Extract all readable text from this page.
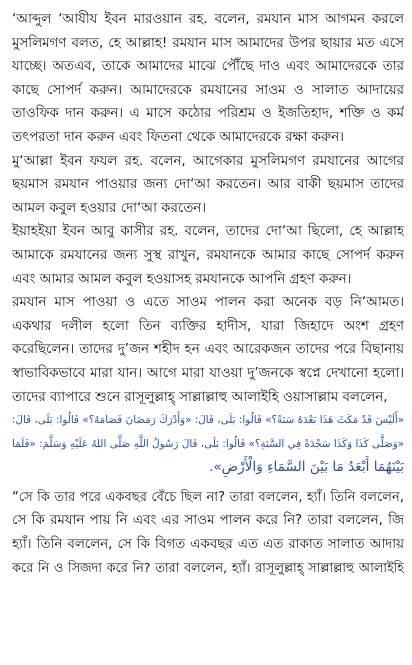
‘আব্দুল ‘আযীয ইবন মারওয়ান রহ. বলেন, রমযান মাস আগমন করলে
মুসলিমগণ বলত, হে আল্লাহ! রমযান মাস আমাদের উপর ছায়ার মত এসে
যাচ্ছে। অতএব, তাকে আমাদের মাঝে পৌঁছে দাও এবং আমাদেরকে তার
কাছে সোপর্দ করুন। আমাদেরকে রমযানের সাওম ও সালাত আদায়ের
তাওফিক দান করুন। এ মাসে কঠোর পরিশ্রম ও ইজতিহাদ, শক্তি ও কর্ম
তৎপরতা দান করুন এবং ফিতনা থেকে আমাদেরকে রক্ষা করুন।
মু‘আল্লা ইবন ফযল রহ. বলেন, আগেকার মুসলিমগণ রমযানের আগের
ছয়মাস রমযান পাওয়ার জন্য দো‘আ করতেন। আর বাকী ছয়মাস তাদের
আমল কবুল হওয়ার দো‘আ করতেন।
ইয়াহইয়া ইবন আবু কাসীর রহ. বলেন, তাদের দো‘আ ছিলো, হে আল্লাহ
আমাকে রমযানের জন্য সুস্থ রাখুন, রমযানকে আমার কাছে সোপর্দ করুন
এবং আমার আমল কবুল হওয়াসহ রমযানকে আপনি গ্রহণ করুন।
রমযান মাস পাওয়া ও এতে সাওম পালন করা অনেক বড় নি‘আমত।
একথার দলীল হলো তিন ব্যক্তির হাদীস, যারা জিহাদে অংশ গ্রহণ
করেছিলেন। তাদের দু’জন শহীদ হন এবং আরেকজন তাদের পরে বিছানায়
স্বাভাবিকভাবে মারা যান। আগে মারা যাওয়া দু’জনকে স্বপ্নে দেখানো হলো।
তাদের ব্যাপারে শুনে রাসূলুল্লাহ্ সাল্লাল্লাহু আলাইহি ওয়াসাল্লাম বললেন,
«أَلَيْسَ قَدْ مَكَثَ هَذَا بَعْدَهُ سَنَةً؟» قَالُوا: بَلَى، قَالَ: «وَأَدْرَكَ رَمَضَانَ فَصَامَهُ؟» قَالُوا: بَلَى، قَالَ:
«وَصَلَّى كَذَا وَكَذَا سَجْدَةً فِي السَّنَةِ؟» قَالُوا: بَلَى، قَالَ رَسُولُ اللَّهِ صَلَّى اللهُ عَلَيْهِ وَسَلَّمَ: «فَلَمَا
بَيْنَهُمَا أَبْعَدُ مَا بَيْنَ السَّمَاءِ وَالْأَرْضِ».
“সে কি তার পরে একবছর বেঁচে ছিল না? তারা বললেন, হ্যাঁ। তিনি বললেন,
সে কি রমযান পায় নি এবং এর সাওম পালন করে নি? তারা বললেন, জি
হ্যাঁ। তিনি বললেন, সে কি বিগত একবছর এত এত রাকাত সালাত আদায়
করে নি ও সিজদা করে নি? তারা বললেন, হ্যাঁ। রাসূলুল্লাহ্ সাল্লাল্লাহু আলাইহি
